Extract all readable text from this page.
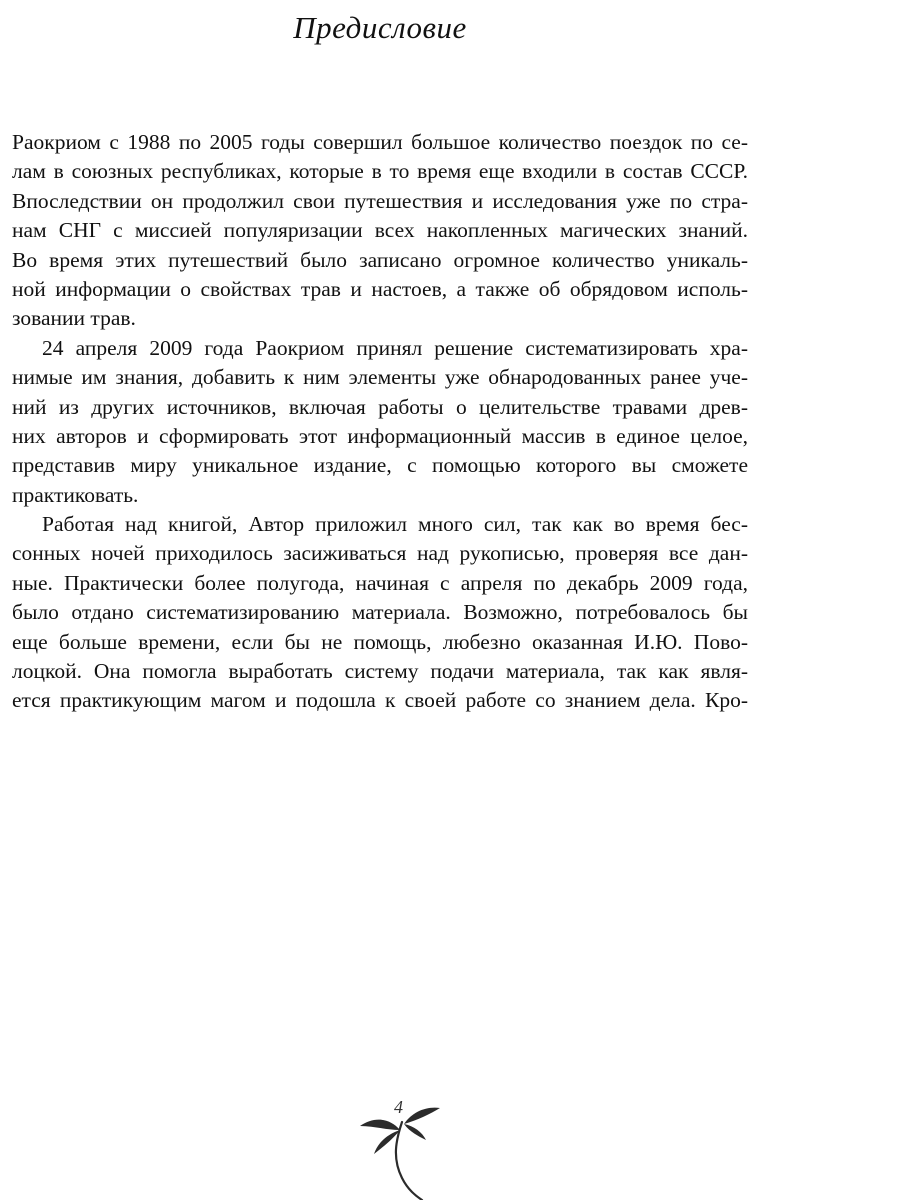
Предисловие
Раокриом с 1988 по 2005 годы совершил большое количество поездок по се-
лам в союзных республиках, которые в то время еще входили в состав СССР.
Впоследствии он продолжил свои путешествия и исследования уже по стра-
нам СНГ с миссией популяризации всех накопленных магических знаний.
Во время этих путешествий было записано огромное количество уникаль-
ной информации о свойствах трав и настоев, а также об обрядовом исполь-
зовании трав.
24 апреля 2009 года Раокриом принял решение систематизировать хра-
нимые им знания, добавить к ним элементы уже обнародованных ранее уче-
ний из других источников, включая работы о целительстве травами древ-
них авторов и сформировать этот информационный массив в единое целое,
представив миру уникальное издание, с помощью которого вы сможете
практиковать.
Работая над книгой, Автор приложил много сил, так как во время бес-
сонных ночей приходилось засиживаться над рукописью, проверяя все дан-
ные. Практически более полугода, начиная с апреля по декабрь 2009 года,
было отдано систематизированию материала. Возможно, потребовалось бы
еще больше времени, если бы не помощь, любезно оказанная И.Ю. Пово-
лоцкой. Она помогла выработать систему подачи материала, так как явля-
ется практикующим магом и подошла к своей работе со знанием дела. Кро-
4
